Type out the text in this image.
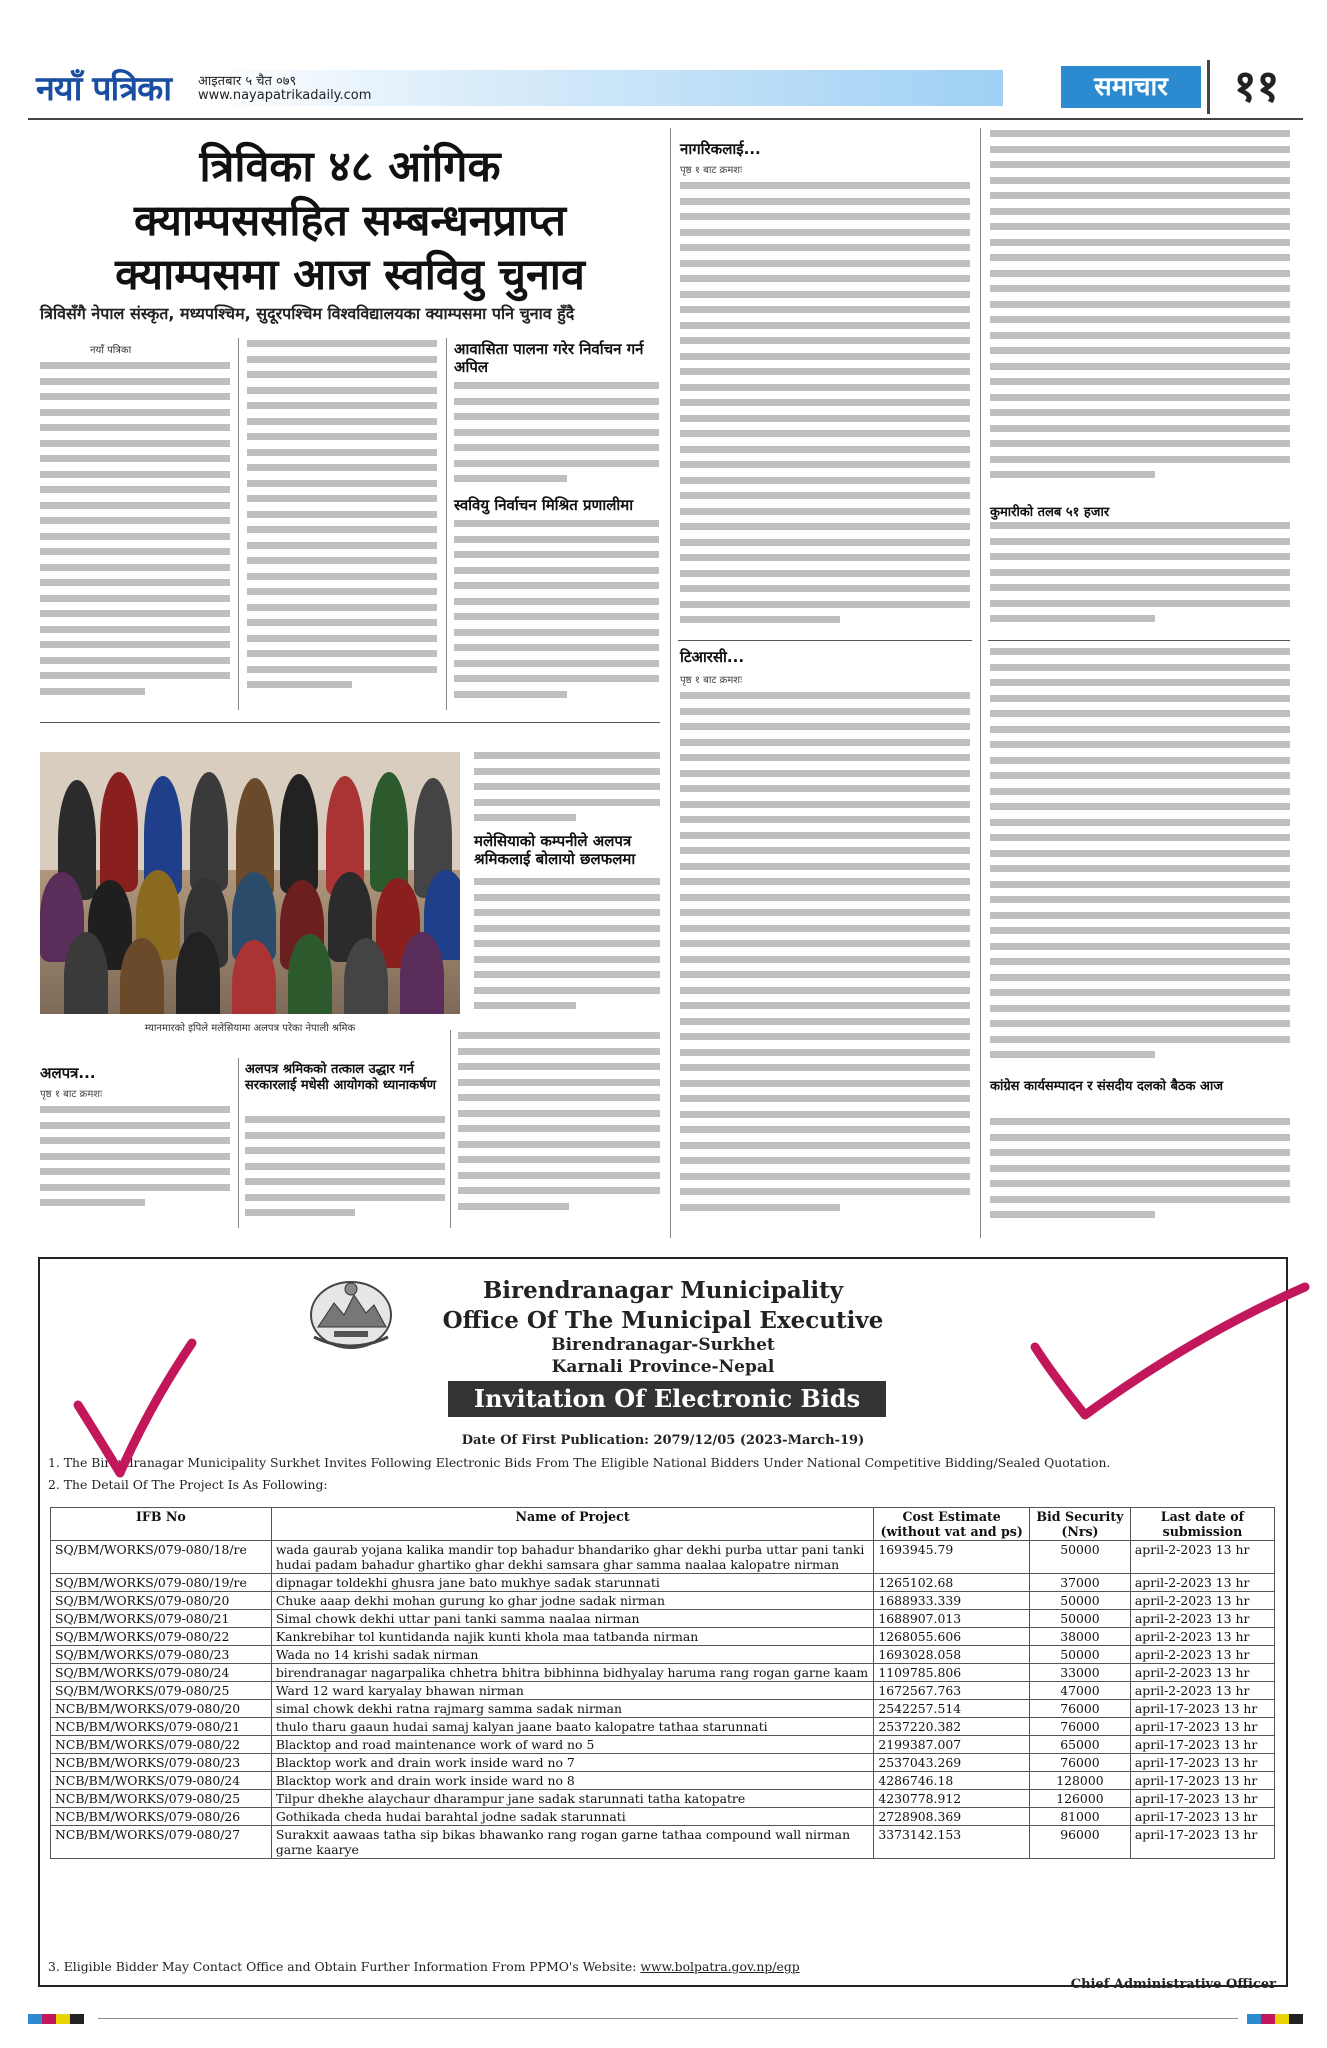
नयाँ पत्रिका आइतबार ५ चैत ०७९
www.nayapatrikadaily.com	समाचार	११
त्रिविका ४८ आंगिक
क्याम्पससहित सम्बन्धनप्राप्त
क्याम्पसमा आज स्वविवु चुनाव
त्रिविसँगै नेपाल संस्कृत, मध्यपश्चिम, सुदूरपश्चिम विश्वविद्यालयका क्याम्पसमा पनि चुनाव हुँदै
नयाँ पत्रिका	आवासिता पालना गरेर निर्वाचन गर्न अपिल
स्ववियु निर्वाचन मिश्रित प्रणालीमा
म्यानमारको इपिले मलेसियामा अलपत्र परेका नेपाली श्रमिक
मलेसियाको कम्पनीले अलपत्र श्रमिकलाई बोलायो छलफलमा
अलपत्र...
पृष्ठ १ बाट क्रमशः
अलपत्र श्रमिकको तत्काल उद्धार गर्न सरकारलाई मधेसी आयोगको ध्यानाकर्षण
नागरिकलाई...
पृष्ठ १ बाट क्रमशः
टिआरसी...
पृष्ठ १ बाट क्रमशः
कुमारीको तलब ५१ हजार
कांग्रेस कार्यसम्पादन र संसदीय दलको बैठक आज
Birendranagar Municipality
Office Of The Municipal Executive
Birendranagar-Surkhet
Karnali Province-Nepal
Invitation Of Electronic Bids
Date Of First Publication: 2079/12/05 (2023-March-19)
1. The Birendranagar Municipality Surkhet Invites Following Electronic Bids From The Eligible National Bidders Under National Competitive Bidding/Sealed Quotation.
2. The Detail Of The Project Is As Following:
IFB No	Name of Project	Cost Estimate (without vat and ps)	Bid Security (Nrs)	Last date of submission
SQ/BM/WORKS/079-080/18/re	wada gaurab yojana kalika mandir top bahadur bhandariko ghar dekhi purba uttar pani tanki hudai padam bahadur ghartiko ghar dekhi samsara ghar samma naalaa kalopatre nirman	1693945.79	50000	april-2-2023 13 hr
SQ/BM/WORKS/079-080/19/re	dipnagar toldekhi ghusra jane bato mukhye sadak starunnati	1265102.68	37000	april-2-2023 13 hr
SQ/BM/WORKS/079-080/20	Chuke aaap dekhi mohan gurung ko ghar jodne sadak nirman	1688933.339	50000	april-2-2023 13 hr
SQ/BM/WORKS/079-080/21	Simal chowk dekhi uttar pani tanki samma naalaa nirman	1688907.013	50000	april-2-2023 13 hr
SQ/BM/WORKS/079-080/22	Kankrebihar tol kuntidanda najik kunti khola maa tatbanda nirman	1268055.606	38000	april-2-2023 13 hr
SQ/BM/WORKS/079-080/23	Wada no 14 krishi sadak nirman	1693028.058	50000	april-2-2023 13 hr
SQ/BM/WORKS/079-080/24	birendranagar nagarpalika chhetra bhitra bibhinna bidhyalay haruma rang rogan garne kaam	1109785.806	33000	april-2-2023 13 hr
SQ/BM/WORKS/079-080/25	Ward 12 ward karyalay bhawan nirman	1672567.763	47000	april-2-2023 13 hr
NCB/BM/WORKS/079-080/20	simal chowk dekhi ratna rajmarg samma sadak nirman	2542257.514	76000	april-17-2023 13 hr
NCB/BM/WORKS/079-080/21	thulo tharu gaaun hudai samaj kalyan jaane baato kalopatre tathaa starunnati	2537220.382	76000	april-17-2023 13 hr
NCB/BM/WORKS/079-080/22	Blacktop and road maintenance work of ward no 5	2199387.007	65000	april-17-2023 13 hr
NCB/BM/WORKS/079-080/23	Blacktop work and drain work inside ward no 7	2537043.269	76000	april-17-2023 13 hr
NCB/BM/WORKS/079-080/24	Blacktop work and drain work inside ward no 8	4286746.18	128000	april-17-2023 13 hr
NCB/BM/WORKS/079-080/25	Tilpur dhekhe alaychaur dharampur jane sadak starunnati tatha katopatre	4230778.912	126000	april-17-2023 13 hr
NCB/BM/WORKS/079-080/26	Gothikada cheda hudai barahtal jodne sadak starunnati	2728908.369	81000	april-17-2023 13 hr
NCB/BM/WORKS/079-080/27	Surakxit aawaas tatha sip bikas bhawanko rang rogan garne tathaa compound wall nirman garne kaarye	3373142.153	96000	april-17-2023 13 hr
3. Eligible Bidder May Contact Office and Obtain Further Information From PPMO's Website: www.bolpatra.gov.np/egp
Chief Administrative Officer
